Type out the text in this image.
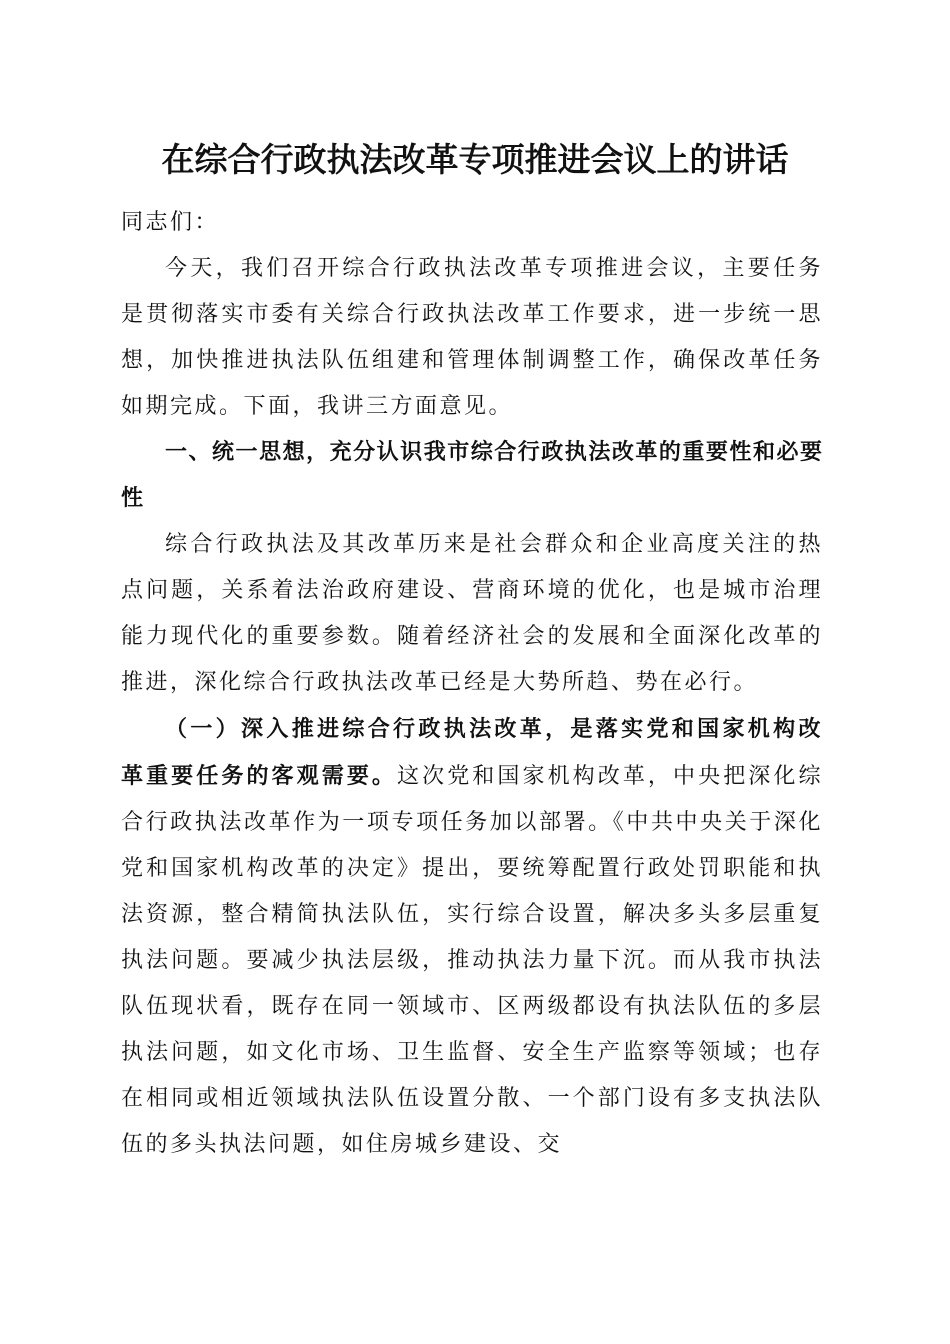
在综合行政执法改革专项推进会议上的讲话

同志们：

今天，我们召开综合行政执法改革专项推进会议，主要任务是贯彻落实市委有关综合行政执法改革工作要求，进一步统一思想，加快推进执法队伍组建和管理体制调整工作，确保改革任务如期完成。下面，我讲三方面意见。

一、统一思想，充分认识我市综合行政执法改革的重要性和必要性

综合行政执法及其改革历来是社会群众和企业高度关注的热点问题，关系着法治政府建设、营商环境的优化，也是城市治理能力现代化的重要参数。随着经济社会的发展和全面深化改革的推进，深化综合行政执法改革已经是大势所趋、势在必行。

（一）深入推进综合行政执法改革，是落实党和国家机构改革重要任务的客观需要。这次党和国家机构改革，中央把深化综合行政执法改革作为一项专项任务加以部署。《中共中央关于深化党和国家机构改革的决定》提出，要统筹配置行政处罚职能和执法资源，整合精简执法队伍，实行综合设置，解决多头多层重复执法问题。要减少执法层级，推动执法力量下沉。而从我市执法队伍现状看，既存在同一领域市、区两级都设有执法队伍的多层执法问题，如文化市场、卫生监督、安全生产监察等领域；也存在相同或相近领域执法队伍设置分散、一个部门设有多支执法队伍的多头执法问题，如住房城乡建设、交
